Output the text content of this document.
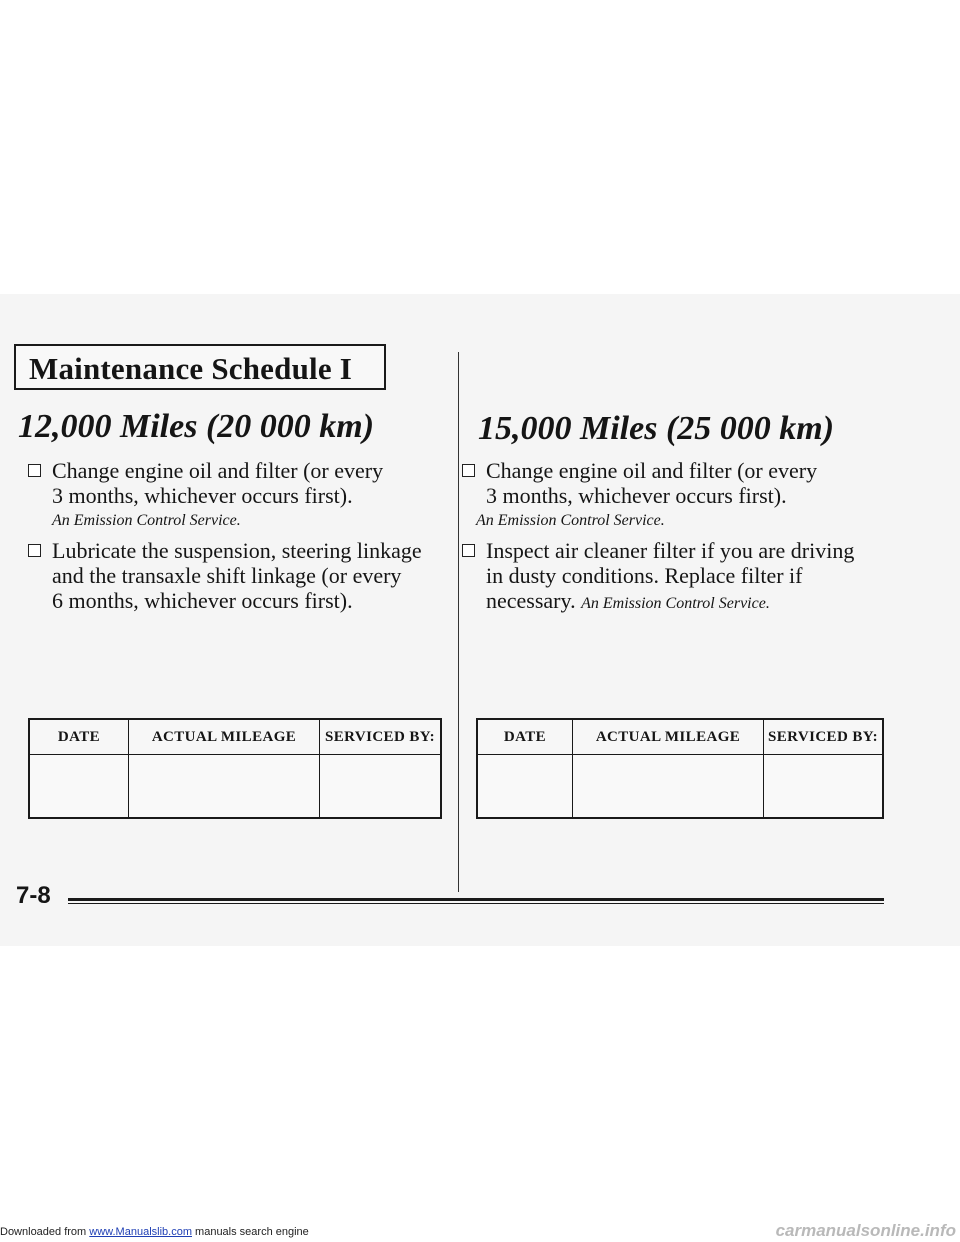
Maintenance Schedule I
12,000 Miles (20 000 km)
Change engine oil and filter (or every
3 months, whichever occurs first).
An Emission Control Service.
Lubricate the suspension, steering linkage
and the transaxle shift linkage (or every
6 months, whichever occurs first).
DATE	ACTUAL MILEAGE	SERVICED BY:

15,000 Miles (25 000 km)
Change engine oil and filter (or every
3 months, whichever occurs first).
An Emission Control Service.
Inspect air cleaner filter if you are driving
in dusty conditions. Replace filter if
necessary. An Emission Control Service.
DATE	ACTUAL MILEAGE	SERVICED BY:

7-8
Downloaded from www.Manualslib.com manuals search engine	carmanualsonline.info
